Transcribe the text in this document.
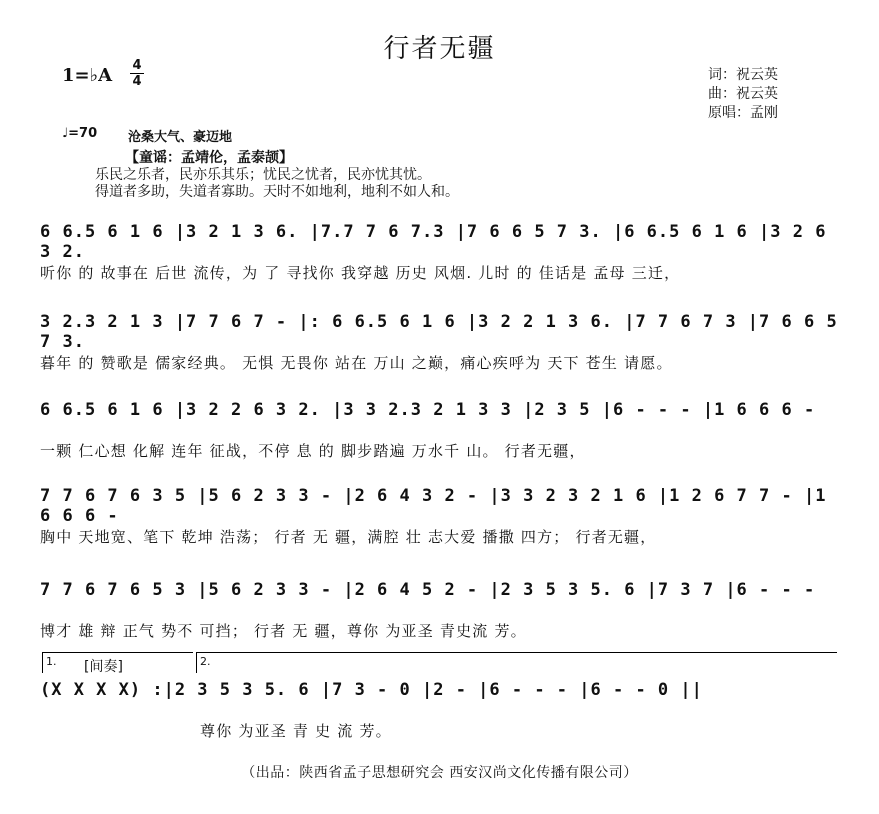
行者无疆
1=♭A 4
4	词：祝云英
曲：祝云英
原唱：孟刚
♩=70 沧桑大气、豪迈地
【童谣：孟靖伦，孟泰颉】
乐民之乐者，民亦乐其乐；忧民之忧者，民亦忧其忧。
得道者多助，失道者寡助。天时不如地利，地利不如人和。
6 6.5 6 1 6 |3 2 1 3 6. |7.7 7 6 7.3 |7 6 6 5 7 3. |6 6.5 6 1 6 |3 2 6 3 2.
听你 的 故事在 后世 流传，为 了 寻找你 我穿越 历史 风烟. 儿时 的 佳话是 孟母 三迁，
3 2.3 2 1 3 |7 7 6 7 - |: 6 6.5 6 1 6 |3 2 2 1 3 6. |7 7 6 7 3 |7 6 6 5 7 3.
暮年 的 赞歌是 儒家经典。 无惧 无畏你 站在 万山 之巅，痛心疾呼为 天下 苍生 请愿。
6 6.5 6 1 6 |3 2 2 6 3 2. |3 3 2.3 2 1 3 3 |2 3 5 |6 - - - |1 6 6 6 -
一颗 仁心想 化解 连年 征战，不停 息 的 脚步踏遍 万水千 山。 行者无疆，
7 7 6 7 6 3 5 |5 6 2 3 3 - |2 6 4 3 2 - |3 3 2 3 2 1 6 |1 2 6 7 7 - |1 6 6 6 -
胸中 天地宽、笔下 乾坤 浩荡； 行者 无 疆，满腔 壮 志大爱 播撒 四方； 行者无疆，
7 7 6 7 6 5 3 |5 6 2 3 3 - |2 6 4 5 2 - |2 3 5 3 5. 6 |7 3 7 |6 - - -
博才 雄 辩 正气 势不 可挡； 行者 无 疆，尊你 为亚圣 青史流 芳。
1. [间奏]	2.
(X X X X) :|2 3 5 3 5. 6 |7 3 - 0 |2 - |6 - - - |6 - - 0 ||
尊你 为亚圣 青 史 流 芳。
（出品：陕西省孟子思想研究会 西安汉尚文化传播有限公司）
